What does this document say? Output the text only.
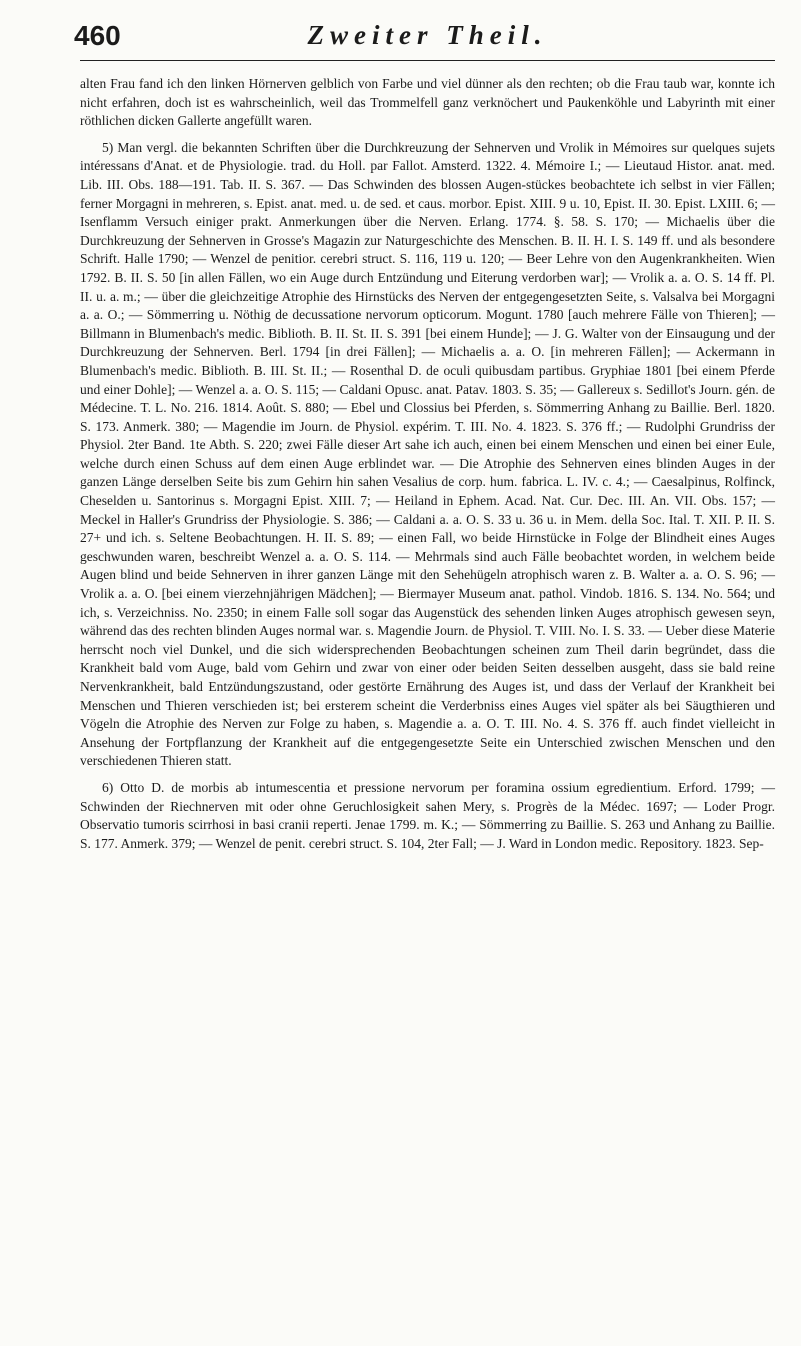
460	Zweiter Theil.

alten Frau fand ich den linken Hörnerven gelblich von Farbe und viel dünner als den rechten; ob die Frau taub war, konnte ich nicht erfahren, doch ist es wahrscheinlich, weil das Trommelfell ganz verknöchert und Paukenköhle und Labyrinth mit einer röthlichen dicken Gallerte angefüllt waren.

5) Man vergl. die bekannten Schriften über die Durchkreuzung der Sehnerven und Vrolik in Mémoires sur quelques sujets intéressans d'Anat. et de Physiologie. trad. du Holl. par Fallot. Amsterd. 1322. 4. Mémoire I.; — Lieutaud Histor. anat. med. Lib. III. Obs. 188—191. Tab. II. S. 367. — Das Schwinden des blossen Augen-stückes beobachtete ich selbst in vier Fällen; ferner Morgagni in mehreren, s. Epist. anat. med. u. de sed. et caus. morbor. Epist. XIII. 9 u. 10, Epist. II. 30. Epist. LXIII. 6; — Isenflamm Versuch einiger prakt. Anmerkungen über die Nerven. Erlang. 1774. §. 58. S. 170; — Michaelis über die Durchkreuzung der Sehnerven in Grosse's Magazin zur Naturgeschichte des Menschen. B. II. H. I. S. 149 ff. und als besondere Schrift. Halle 1790; — Wenzel de penitior. cerebri struct. S. 116, 119 u. 120; — Beer Lehre von den Augenkrankheiten. Wien 1792. B. II. S. 50 [in allen Fällen, wo ein Auge durch Entzündung und Eiterung verdorben war]; — Vrolik a. a. O. S. 14 ff. Pl. II. u. a. m.; — über die gleichzeitige Atrophie des Hirnstücks des Nerven der entgegengesetzten Seite, s. Valsalva bei Morgagni a. a. O.; — Sömmerring u. Nöthig de decussatione nervorum opticorum. Mogunt. 1780 [auch mehrere Fälle von Thieren]; — Billmann in Blumenbach's medic. Biblioth. B. II. St. II. S. 391 [bei einem Hunde]; — J. G. Walter von der Einsaugung und der Durchkreuzung der Sehnerven. Berl. 1794 [in drei Fällen]; — Michaelis a. a. O. [in mehreren Fällen]; — Ackermann in Blumenbach's medic. Biblioth. B. III. St. II.; — Rosenthal D. de oculi quibusdam partibus. Gryphiae 1801 [bei einem Pferde und einer Dohle]; — Wenzel a. a. O. S. 115; — Caldani Opusc. anat. Patav. 1803. S. 35; — Gallereux s. Sedillot's Journ. gén. de Médecine. T. L. No. 216. 1814. Août. S. 880; — Ebel und Clossius bei Pferden, s. Sömmerring Anhang zu Baillie. Berl. 1820. S. 173. Anmerk. 380; — Magendie im Journ. de Physiol. expérim. T. III. No. 4. 1823. S. 376 ff.; — Rudolphi Grundriss der Physiol. 2ter Band. 1te Abth. S. 220; zwei Fälle dieser Art sahe ich auch, einen bei einem Menschen und einen bei einer Eule, welche durch einen Schuss auf dem einen Auge erblindet war. — Die Atrophie des Sehnerven eines blinden Auges in der ganzen Länge derselben Seite bis zum Gehirn hin sahen Vesalius de corp. hum. fabrica. L. IV. c. 4.; — Caesalpinus, Rolfinck, Cheselden u. Santorinus s. Morgagni Epist. XIII. 7; — Heiland in Ephem. Acad. Nat. Cur. Dec. III. An. VII. Obs. 157; — Meckel in Haller's Grundriss der Physiologie. S. 386; — Caldani a. a. O. S. 33 u. 36 u. in Mem. della Soc. Ital. T. XII. P. II. S. 27+ und ich. s. Seltene Beobachtungen. H. II. S. 89; — einen Fall, wo beide Hirnstücke in Folge der Blindheit eines Auges geschwunden waren, beschreibt Wenzel a. a. O. S. 114. — Mehrmals sind auch Fälle beobachtet worden, in welchem beide Augen blind und beide Sehnerven in ihrer ganzen Länge mit den Sehehügeln atrophisch waren z. B. Walter a. a. O. S. 96; — Vrolik a. a. O. [bei einem vierzehnjährigen Mädchen]; — Biermayer Museum anat. pathol. Vindob. 1816. S. 134. No. 564; und ich, s. Verzeichniss. No. 2350; in einem Falle soll sogar das Augenstück des sehenden linken Auges atrophisch gewesen seyn, während das des rechten blinden Auges normal war. s. Magendie Journ. de Physiol. T. VIII. No. I. S. 33. — Ueber diese Materie herrscht noch viel Dunkel, und die sich widersprechenden Beobachtungen scheinen zum Theil darin begründet, dass die Krankheit bald vom Auge, bald vom Gehirn und zwar von einer oder beiden Seiten desselben ausgeht, dass sie bald reine Nervenkrankheit, bald Entzündungszustand, oder gestörte Ernährung des Auges ist, und dass der Verlauf der Krankheit bei Menschen und Thieren verschieden ist; bei ersterem scheint die Verderbniss eines Auges viel später als bei Säugthieren und Vögeln die Atrophie des Nerven zur Folge zu haben, s. Magendie a. a. O. T. III. No. 4. S. 376 ff. auch findet vielleicht in Ansehung der Fortpflanzung der Krankheit auf die entgegengesetzte Seite ein Unterschied zwischen Menschen und den verschiedenen Thieren statt.

6) Otto D. de morbis ab intumescentia et pressione nervorum per foramina ossium egredientium. Erford. 1799; — Schwinden der Riechnerven mit oder ohne Geruchlosigkeit sahen Mery, s. Progrès de la Médec. 1697; — Loder Progr. Observatio tumoris scirrhosi in basi cranii reperti. Jenae 1799. m. K.; — Sömmerring zu Baillie. S. 263 und Anhang zu Baillie. S. 177. Anmerk. 379; — Wenzel de penit. cerebri struct. S. 104, 2ter Fall; — J. Ward in London medic. Repository. 1823. Sep-
